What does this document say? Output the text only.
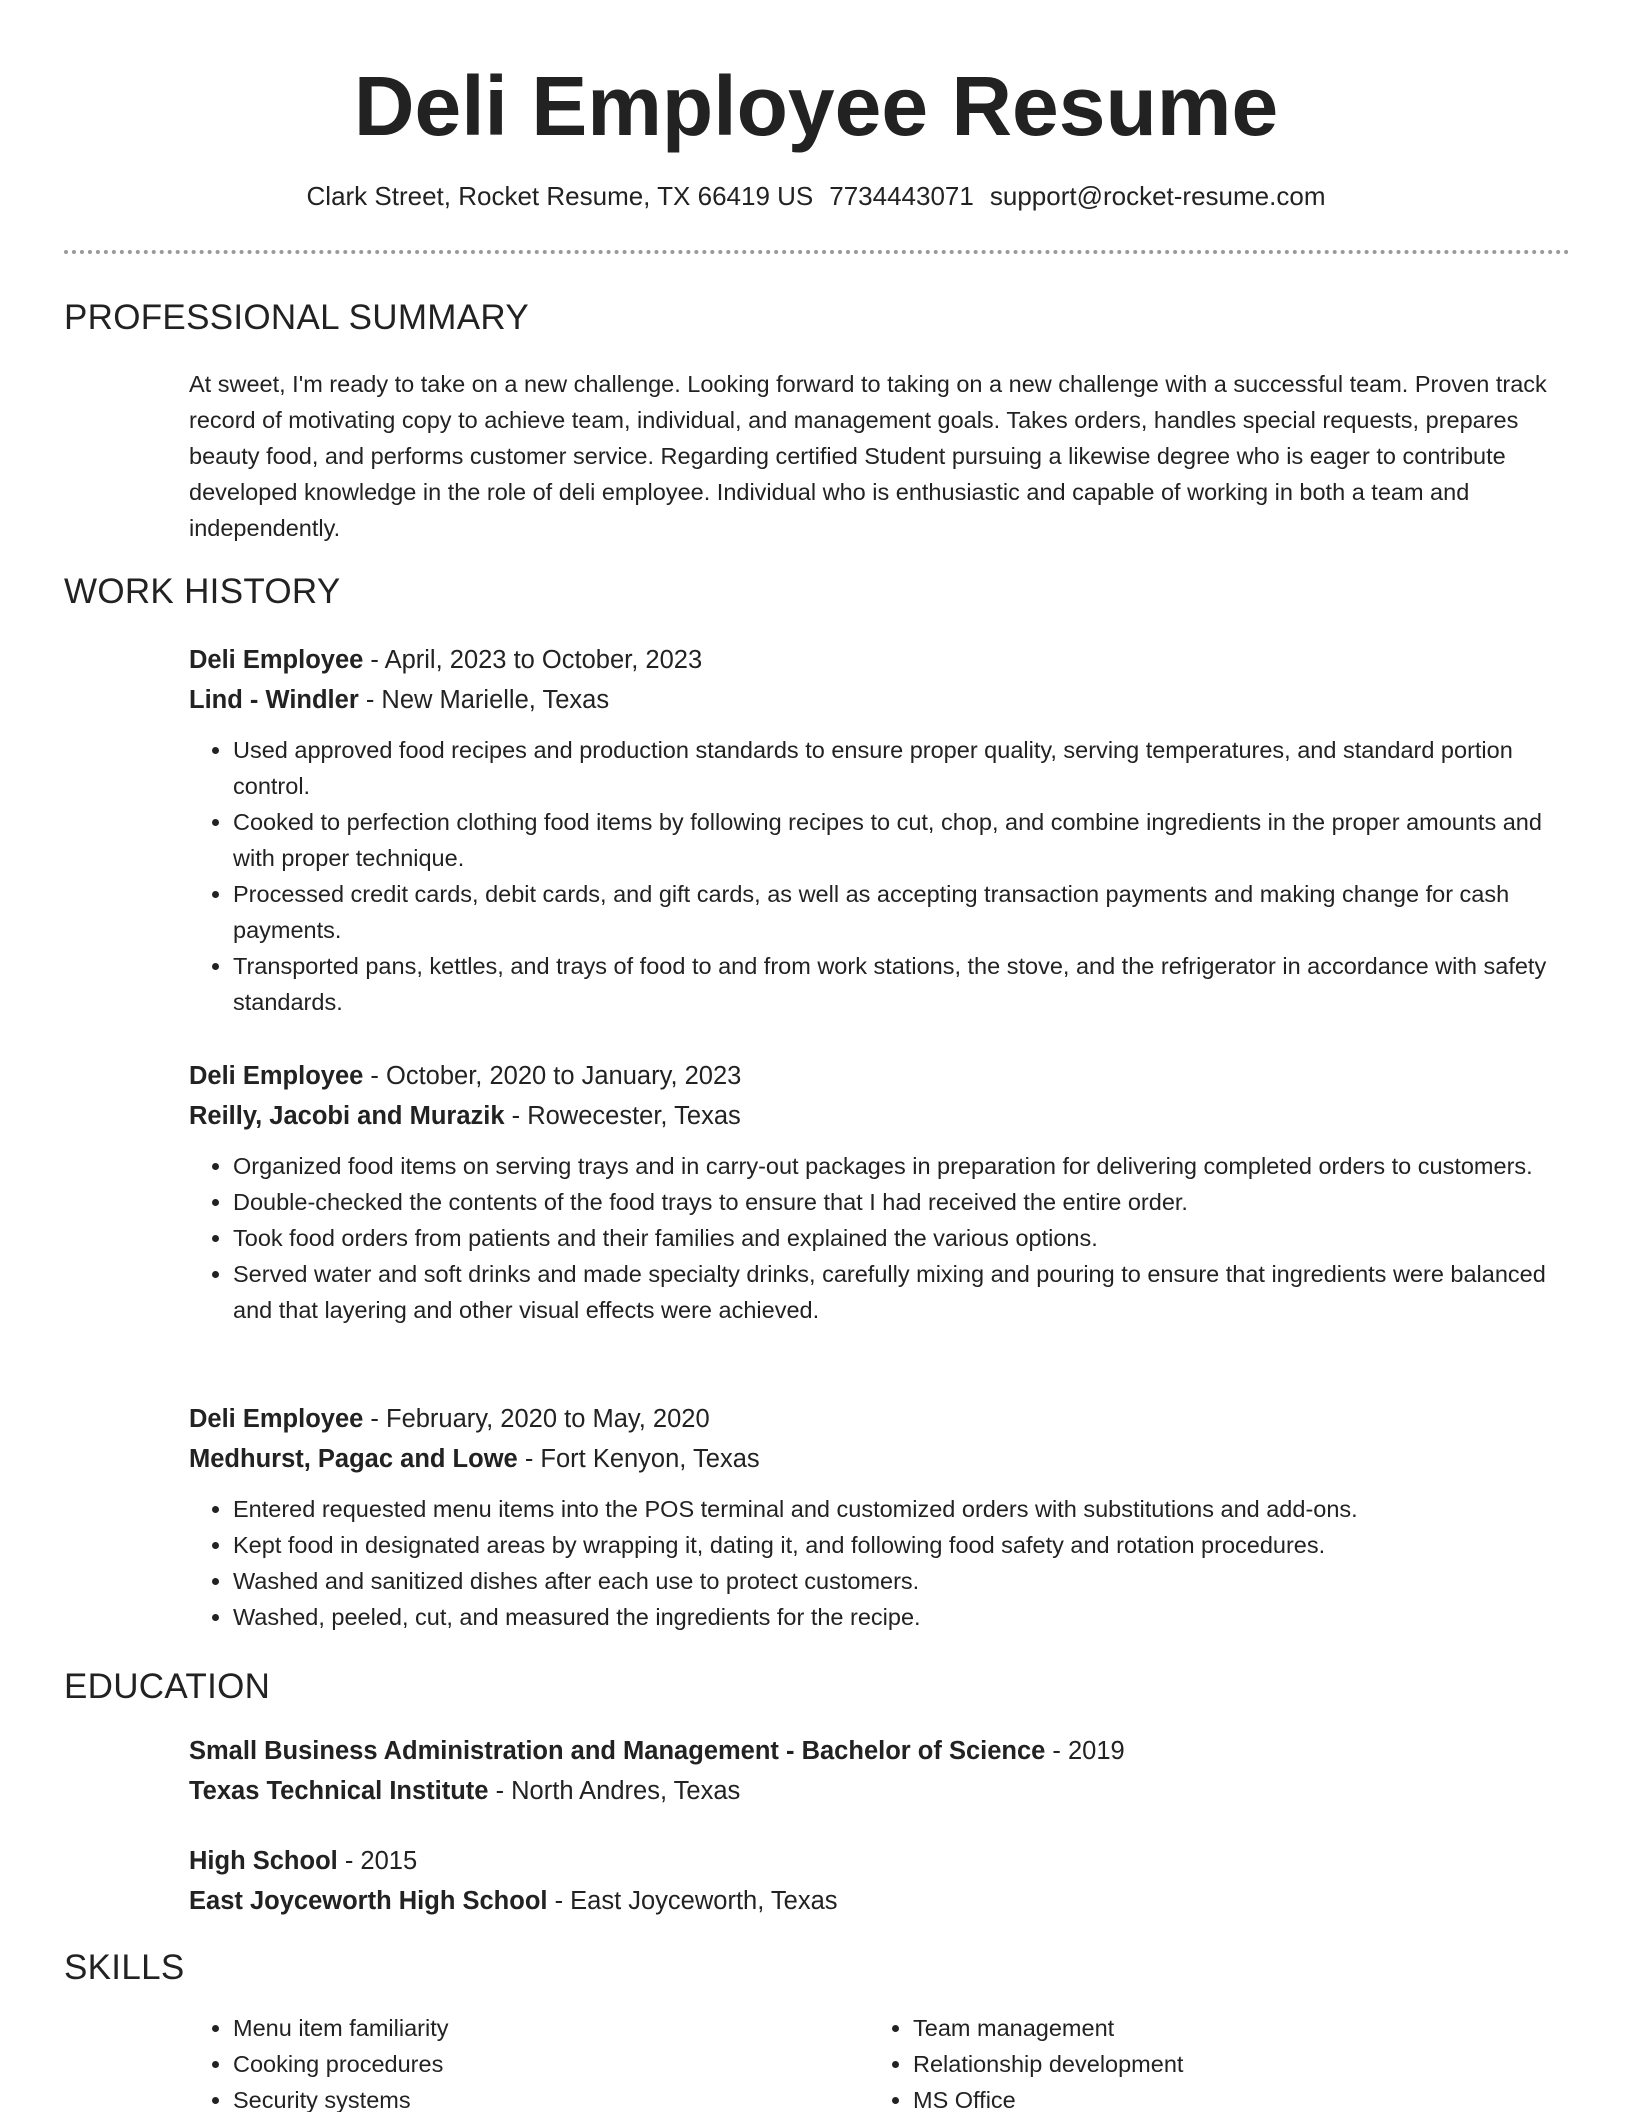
Deli Employee Resume
Clark Street, Rocket Resume, TX 66419 US 7734443071 support@rocket-resume.com
PROFESSIONAL SUMMARY

At sweet, I'm ready to take on a new challenge. Looking forward to taking on a new challenge with a successful team. Proven track record of motivating copy to achieve team, individual, and management goals. Takes orders, handles special requests, prepares beauty food, and performs customer service. Regarding certified Student pursuing a likewise degree who is eager to contribute developed knowledge in the role of deli employee. Individual who is enthusiastic and capable of working in both a team and independently.

WORK HISTORY
Deli Employee - April, 2023 to October, 2023
Lind - Windler - New Marielle, Texas
• Used approved food recipes and production standards to ensure proper quality, serving temperatures, and standard portion control.
• Cooked to perfection clothing food items by following recipes to cut, chop, and combine ingredients in the proper amounts and with proper technique.
• Processed credit cards, debit cards, and gift cards, as well as accepting transaction payments and making change for cash payments.
• Transported pans, kettles, and trays of food to and from work stations, the stove, and the refrigerator in accordance with safety standards.
Deli Employee - October, 2020 to January, 2023
Reilly, Jacobi and Murazik - Rowecester, Texas
• Organized food items on serving trays and in carry-out packages in preparation for delivering completed orders to customers.
• Double-checked the contents of the food trays to ensure that I had received the entire order.
• Took food orders from patients and their families and explained the various options.
• Served water and soft drinks and made specialty drinks, carefully mixing and pouring to ensure that ingredients were balanced and that layering and other visual effects were achieved.
Deli Employee - February, 2020 to May, 2020
Medhurst, Pagac and Lowe - Fort Kenyon, Texas
• Entered requested menu items into the POS terminal and customized orders with substitutions and add-ons.
• Kept food in designated areas by wrapping it, dating it, and following food safety and rotation procedures.
• Washed and sanitized dishes after each use to protect customers.
• Washed, peeled, cut, and measured the ingredients for the recipe.
EDUCATION
Small Business Administration and Management - Bachelor of Science - 2019
Texas Technical Institute - North Andres, Texas
High School - 2015
East Joyceworth High School - East Joyceworth, Texas
SKILLS
• Menu item familiarity
• Cooking procedures
• Security systems
• Team management
• Relationship development
• MS Office
